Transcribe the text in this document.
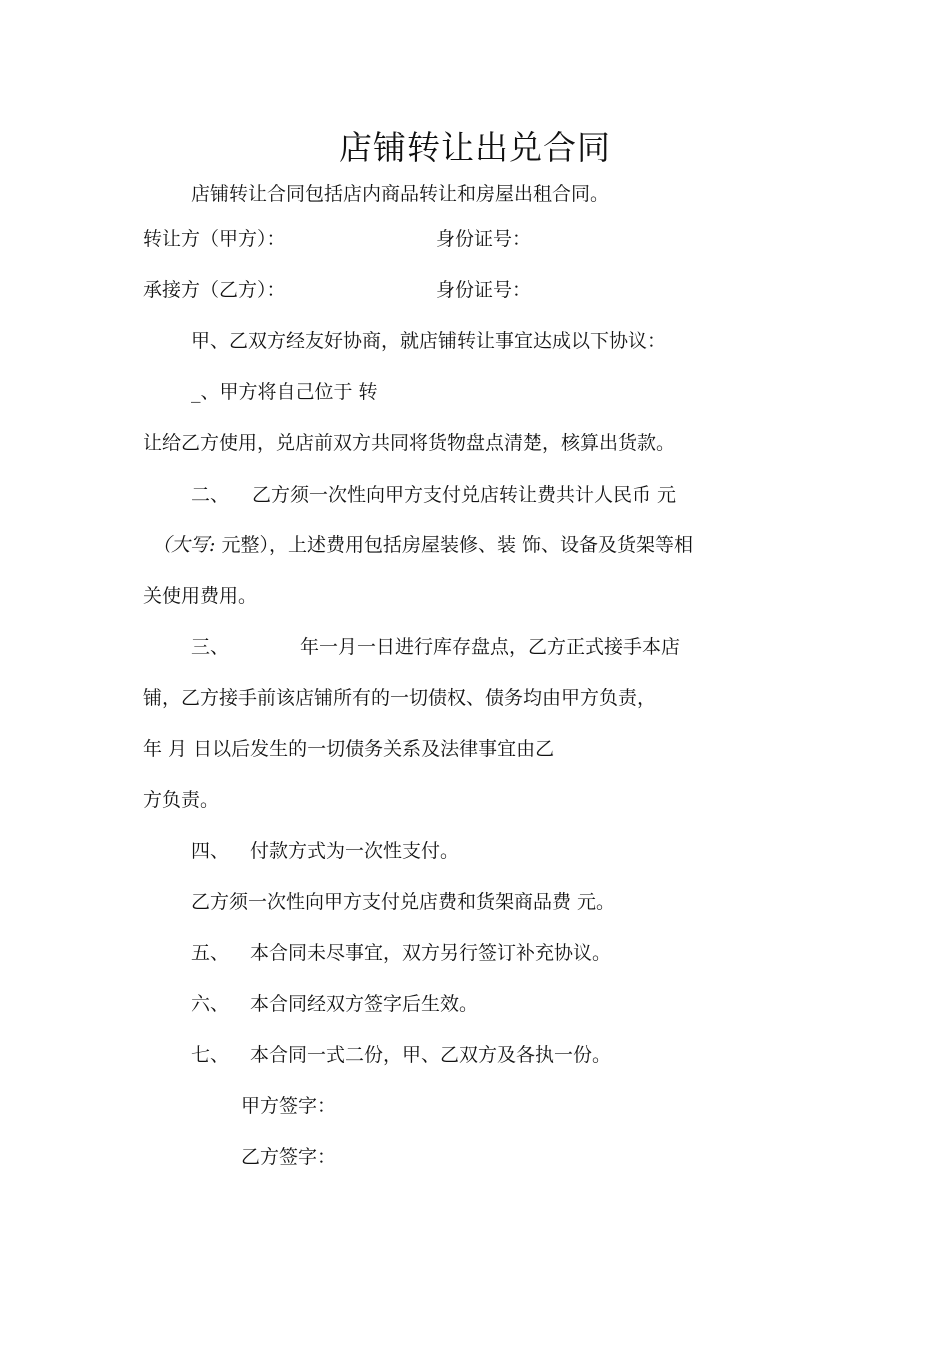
店铺转让出兑合同
店铺转让合同包括店内商品转让和房屋出租合同。
转让方（甲方）：	身份证号：
承接方（乙方）：	身份证号：
甲、乙双方经友好协商，就店铺转让事宜达成以下协议：
_、甲方将自己位于 转
让给乙方使用，兑店前双方共同将货物盘点清楚，核算出货款。
二、 乙方须一次性向甲方支付兑店转让费共计人民币 元
（大写: 元整），上述费用包括房屋装修、装 饰、设备及货架等相
关使用费用。
三、	年一月一日进行库存盘点，乙方正式接手本店
铺，乙方接手前该店铺所有的一切债权、债务均由甲方负责，
年 月 日以后发生的一切债务关系及法律事宜由乙
方负责。
四、 付款方式为一次性支付。
乙方须一次性向甲方支付兑店费和货架商品费 元。
五、 本合同未尽事宜，双方另行签订补充协议。
六、 本合同经双方签字后生效。
七、 本合同一式二份，甲、乙双方及各执一份。
甲方签字：
乙方签字：
